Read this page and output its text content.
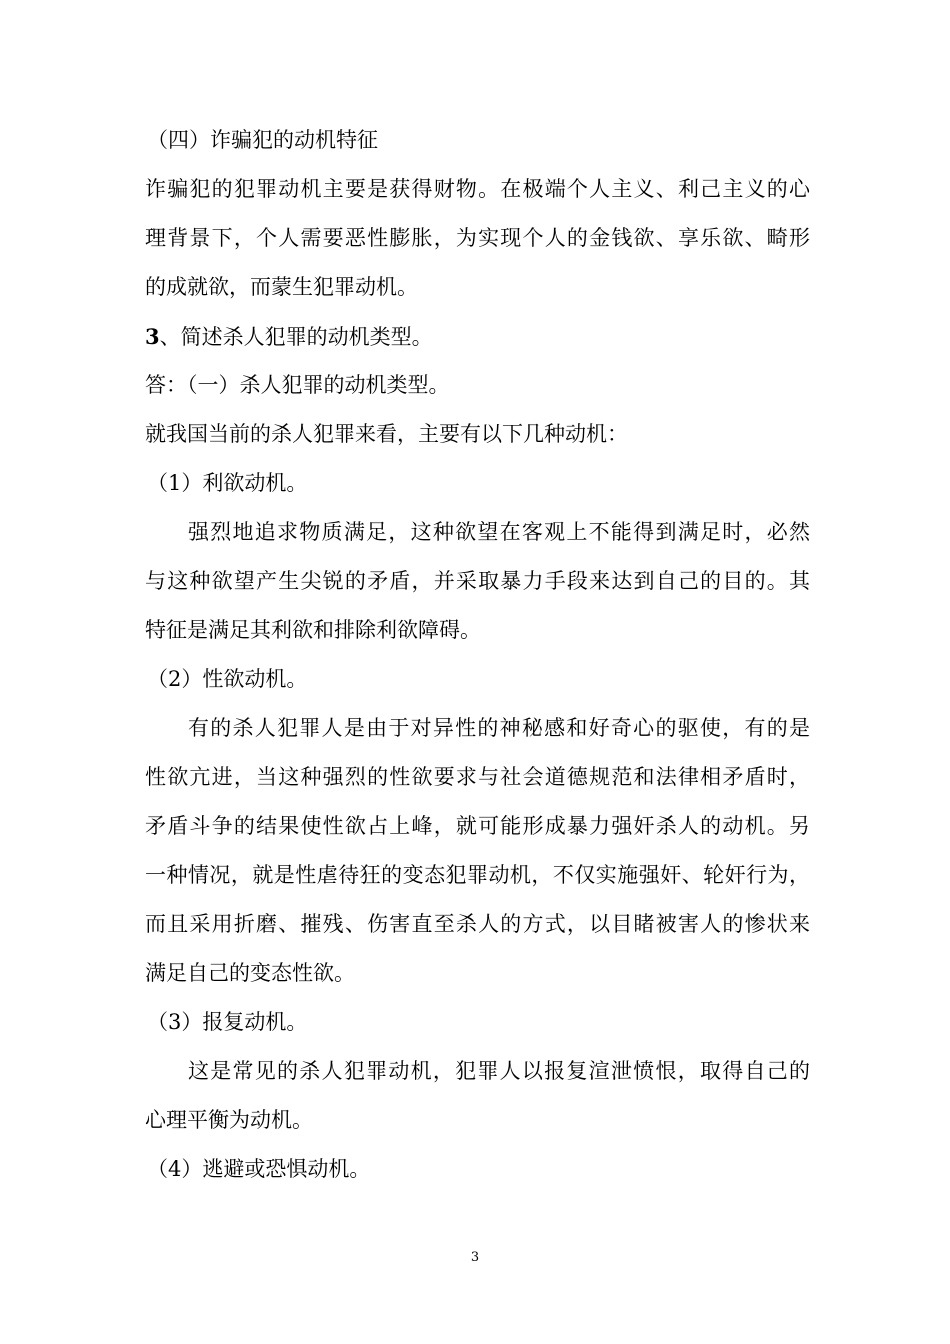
（四）诈骗犯的动机特征
诈骗犯的犯罪动机主要是获得财物。在极端个人主义、利己主义的心
理背景下，个人需要恶性膨胀，为实现个人的金钱欲、享乐欲、畸形
的成就欲，而蒙生犯罪动机。
3、简述杀人犯罪的动机类型。
答：（一）杀人犯罪的动机类型。
就我国当前的杀人犯罪来看，主要有以下几种动机：
（1）利欲动机。
强烈地追求物质满足，这种欲望在客观上不能得到满足时，必然
与这种欲望产生尖锐的矛盾，并采取暴力手段来达到自己的目的。其
特征是满足其利欲和排除利欲障碍。
（2）性欲动机。
有的杀人犯罪人是由于对异性的神秘感和好奇心的驱使，有的是
性欲亢进，当这种强烈的性欲要求与社会道德规范和法律相矛盾时，
矛盾斗争的结果使性欲占上峰，就可能形成暴力强奸杀人的动机。另
一种情况，就是性虐待狂的变态犯罪动机，不仅实施强奸、轮奸行为，
而且采用折磨、摧残、伤害直至杀人的方式，以目睹被害人的惨状来
满足自己的变态性欲。
（3）报复动机。
这是常见的杀人犯罪动机，犯罪人以报复渲泄愤恨，取得自己的
心理平衡为动机。
（4）逃避或恐惧动机。
3
